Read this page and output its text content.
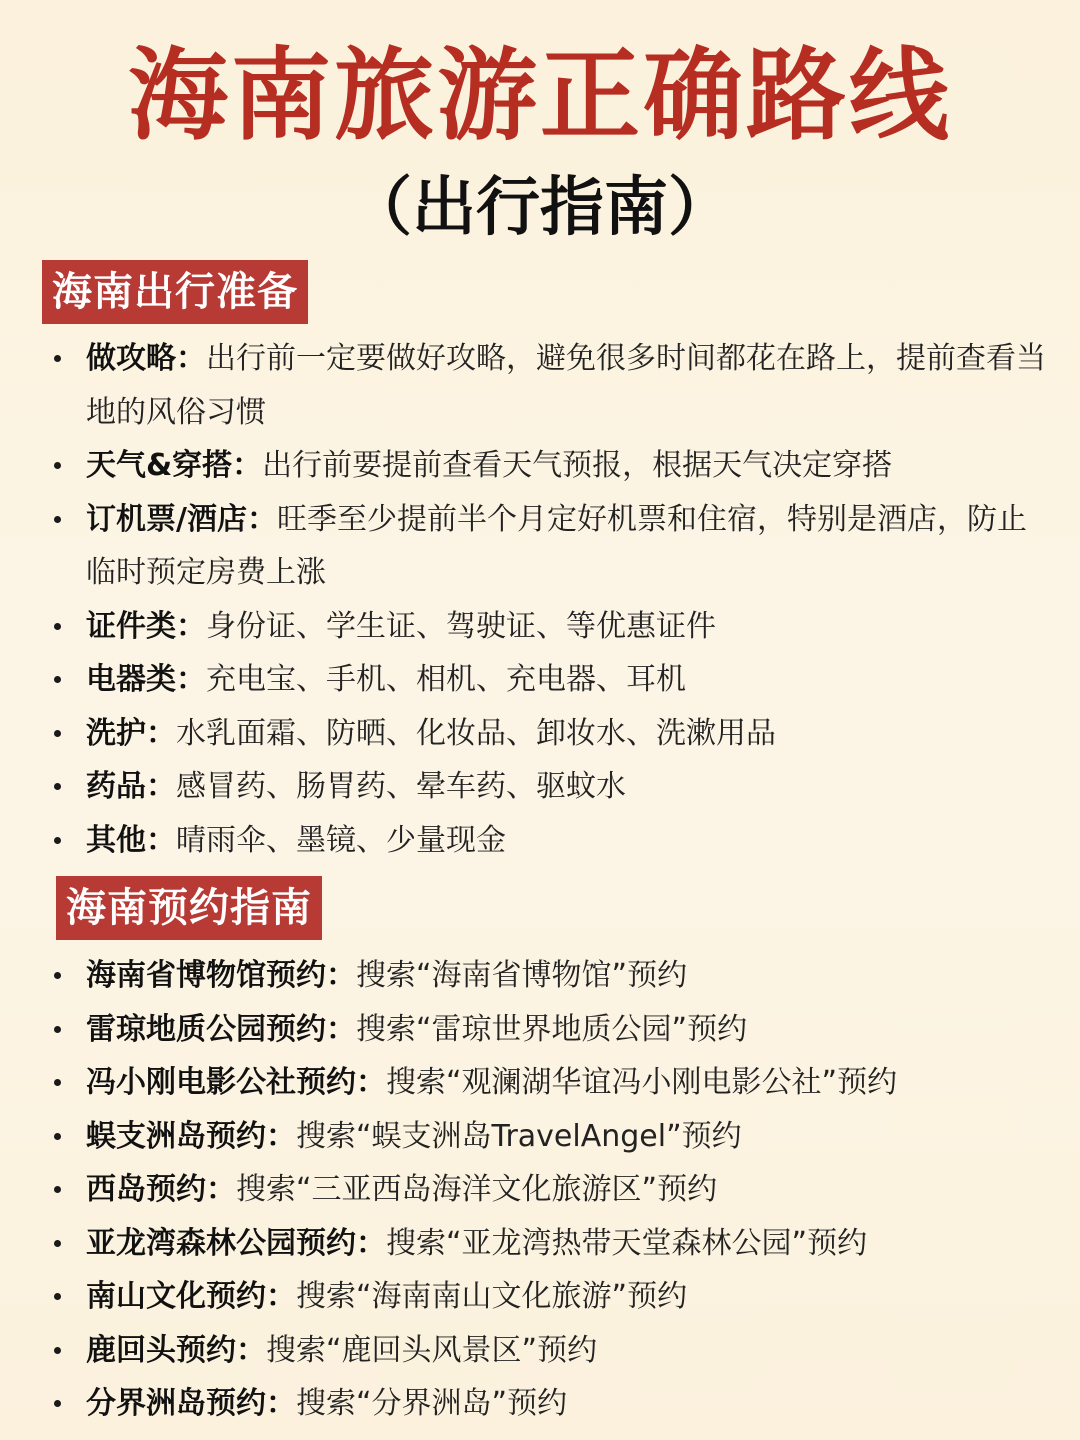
海南旅游正确路线
（出行指南）
海南出行准备
做攻略：出行前一定要做好攻略，避免很多时间都花在路上，提前查看当地的风俗习惯
天气&穿搭：出行前要提前查看天气预报，根据天气决定穿搭
订机票/酒店：旺季至少提前半个月定好机票和住宿，特别是酒店，防止临时预定房费上涨
证件类：身份证、学生证、驾驶证、等优惠证件
电器类：充电宝、手机、相机、充电器、耳机
洗护：水乳面霜、防晒、化妆品、卸妆水、洗漱用品
药品：感冒药、肠胃药、晕车药、驱蚊水
其他：晴雨伞、墨镜、少量现金
海南预约指南
海南省博物馆预约：搜索“海南省博物馆”预约
雷琼地质公园预约：搜索“雷琼世界地质公园”预约
冯小刚电影公社预约：搜索“观澜湖华谊冯小刚电影公社”预约
蜈支洲岛预约：搜索“蜈支洲岛TravelAngel”预约
西岛预约：搜索“三亚西岛海洋文化旅游区”预约
亚龙湾森林公园预约：搜索“亚龙湾热带天堂森林公园”预约
南山文化预约：搜索“海南南山文化旅游”预约
鹿回头预约：搜索“鹿回头风景区”预约
分界洲岛预约：搜索“分界洲岛”预约
